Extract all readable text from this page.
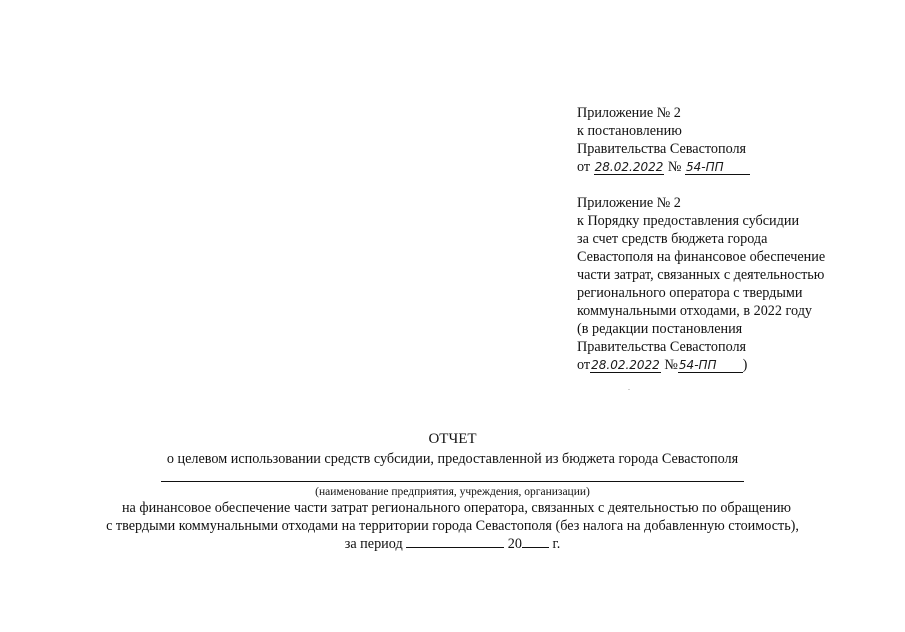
Приложение № 2
к постановлению
Правительства Севастополя
от 28.02.2022 № 54-ПП
Приложение № 2
к Порядку предоставления субсидии
за счет средств бюджета города
Севастополя на финансовое обеспечение
части затрат, связанных с деятельностью
регионального оператора с твердыми
коммунальными отходами, в 2022 году
(в редакции постановления
Правительства Севастополя
от28.02.2022 №54-ПП )
ОТЧЕТ
о целевом использовании средств субсидии, предоставленной из бюджета города Севастополя
(наименование предприятия, учреждения, организации)
на финансовое обеспечение части затрат регионального оператора, связанных с деятельностью по обращению
с твердыми коммунальными отходами на территории города Севастополя (без налога на добавленную стоимость),
за период	20 г.
